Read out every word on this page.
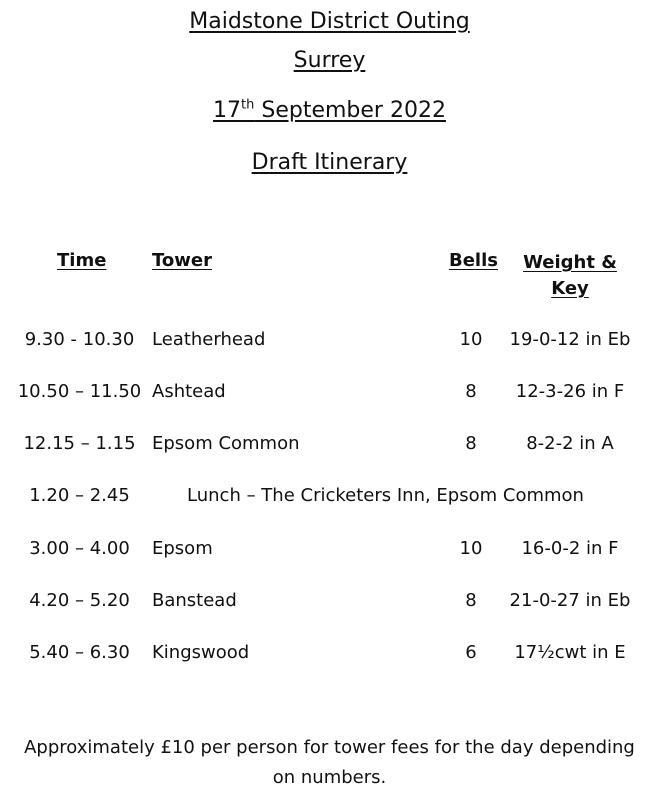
Maidstone District Outing
Surrey
17th September 2022
Draft Itinerary
Time	Tower	Bells	Weight &
Key
9.30 - 10.30 Leatherhead	10	19-0-12 in Eb
10.50 – 11.50 Ashtead	8	12-3-26 in F
12.15 – 1.15 Epsom Common	8	8-2-2 in A
1.20 – 2.45	Lunch – The Cricketers Inn, Epsom Common
3.00 – 4.00	Epsom	10	16-0-2 in F
4.20 – 5.20	Banstead	8	21-0-27 in Eb
5.40 – 6.30	Kingswood	6	17½cwt in E
Approximately £10 per person for tower fees for the day depending on numbers.
